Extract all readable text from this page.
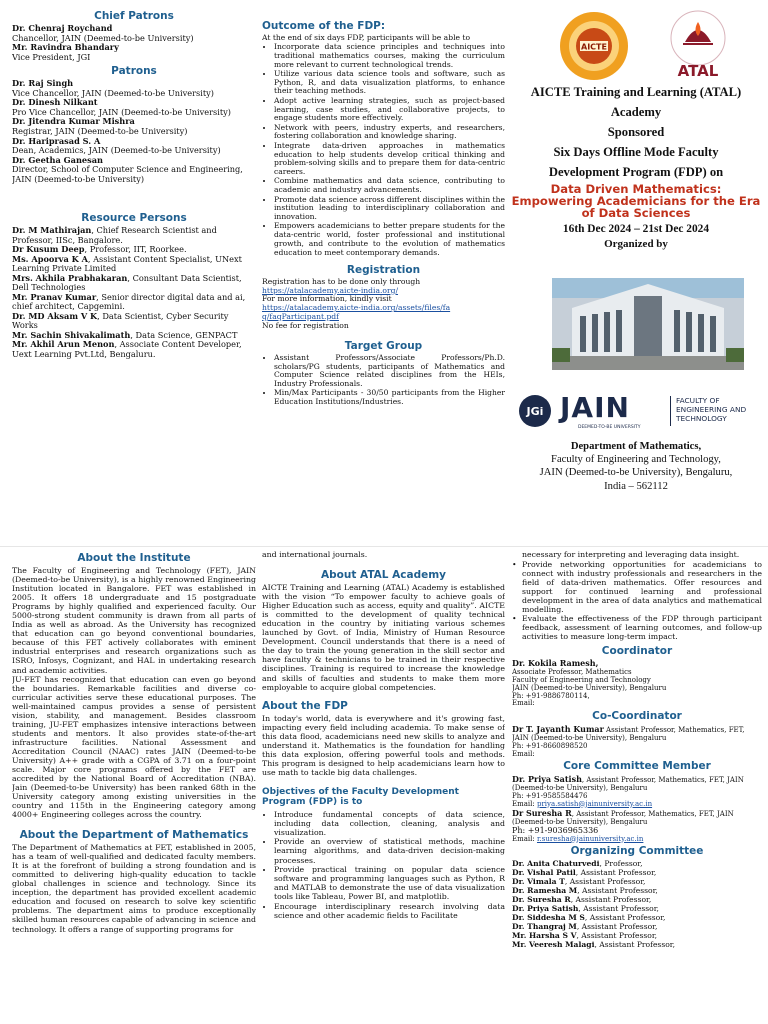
Chief Patrons
Dr. Chenraj Roychand
Chancellor, JAIN (Deemed-to-be University)
Mr. Ravindra Bhandary
Vice President, JGI
Patrons
Dr. Raj Singh
Vice Chancellor, JAIN (Deemed-to-be University)
Dr. Dinesh Nilkant
Pro Vice Chancellor, JAIN (Deemed-to-be University)
Dr. Jitendra Kumar Mishra
Registrar, JAIN (Deemed-to-be University)
Dr. Hariprasad S. A
Dean, Academics, JAIN (Deemed-to-be University)
Dr. Geetha Ganesan
Director, School of Computer Science and Engineering, JAIN (Deemed-to-be University)
Resource Persons
Dr. M Mathirajan, Chief Research Scientist and Professor, IISc, Bangalore.
Dr Kusum Deep, Professor, IIT, Roorkee.
Ms. Apoorva K A, Assistant Content Specialist, UNext Learning Private Limited
Mrs. Akhila Prabhakaran, Consultant Data Scientist, Dell Technologies
Mr. Pranav Kumar, Senior director digital data and ai, chief architect, Capgemini.
Dr. MD Aksam V K, Data Scientist, Cyber Security Works
Mr. Sachin Shivakalimath, Data Science, GENPACT
Mr. Akhil Arun Menon, Associate Content Developer, Uext Learning Pvt.Ltd, Bengaluru.
Outcome of the FDP:
At the end of six days FDP, participants will be able to
• Incorporate data science principles and techniques into traditional mathematics courses, making the curriculum more relevant to current technological trends.
• Utilize various data science tools and software, such as Python, R, and data visualization platforms, to enhance their teaching methods.
• Adopt active learning strategies, such as project-based learning, case studies, and collaborative projects, to engage students more effectively.
• Network with peers, industry experts, and researchers, fostering collaboration and knowledge sharing.
• Integrate data-driven approaches in mathematics education to help students develop critical thinking and problem-solving skills and to prepare them for data-centric careers.
• Combine mathematics and data science, contributing to academic and industry advancements.
• Promote data science across different disciplines within the institution leading to interdisciplinary collaboration and innovation.
• Empowers academicians to better prepare students for the data-centric world, foster professional and institutional growth, and contribute to the evolution of mathematics education to meet contemporary demands.
Registration

Registration has to be done only through

https://atalacademy.aicte-india.org/

For more information, kindly visit

https://atalacademy.aicte-india.org/assets/files/faq/faqParticipant.pdf

No fee for registration

Target Group
• Assistant Professors/Associate Professors/Ph.D. scholars/PG students, participants of Mathematics and Computer Science related disciplines from the HEIs, Industry Professionals.
• Min/Max Participants - 30/50 participants from the Higher Education Institutions/Industries.
AICTE
ATAL
AICTE Training and Learning (ATAL)
Academy
Sponsored
Six Days Offline Mode Faculty
Development Program (FDP) on
Data Driven Mathematics: Empowering Academicians for the Era of Data Sciences
16th Dec 2024 – 21st Dec 2024
Organized by
JGi JAIN
DEEMED-TO-BE UNIVERSITY
FACULTY OF ENGINEERING AND TECHNOLOGY
Department of Mathematics,
Faculty of Engineering and Technology,
JAIN (Deemed-to-be University), Bengaluru,
India – 562112
About the Institute

The Faculty of Engineering and Technology (FET), JAIN (Deemed-to-be University), is a highly renowned Engineering Institution located in Bangalore. FET was established in 2005. It offers 18 undergraduate and 15 postgraduate Programs by highly qualified and experienced faculty. Our 5000-strong student community is drawn from all parts of India as well as abroad. As the University has recognized that education can go beyond conventional boundaries, because of this FET actively collaborates with eminent industrial enterprises and research organizations such as ISRO, Infosys, Cognizant, and HAL in undertaking research and academic activities.

JU-FET has recognized that education can even go beyond the boundaries. Remarkable facilities and diverse co-curricular activities serve these educational purposes. The well-maintained campus provides a sense of persistent vision, stability, and management. Besides classroom training, JU-FET emphasizes intensive interactions between students and mentors. It also provides state-of-the-art infrastructure facilities. National Assessment and Accreditation Council (NAAC) rates JAIN (Deemed-to-be University) A++ grade with a CGPA of 3.71 on a four-point scale. Major core programs offered by the FET are accredited by the National Board of Accreditation (NBA). Jain (Deemed-to-be University) has been ranked 68th in the University category among existing universities in the country and 115th in the Engineering category among 4000+ Engineering colleges across the country.

About the Department of Mathematics

The Department of Mathematics at FET, established in 2005, has a team of well-qualified and dedicated faculty members. It is at the forefront of building a strong foundation and is committed to delivering high-quality education to tackle global challenges in science and technology. Since its inception, the department has provided excellent academic education and focused on research to solve key scientific problems. The department aims to produce exceptionally skilled human resources capable of advancing in science and technology. It offers a range of supporting programs for

and international journals.

About ATAL Academy

AICTE Training and Learning (ATAL) Academy is established with the vision “To empower faculty to achieve goals of Higher Education such as access, equity and quality”. AICTE is committed to the development of quality technical education in the country by initiating various schemes launched by Govt. of India, Ministry of Human Resource Development. Council understands that there is a need of the day to train the young generation in the skill sector and have faculty & technicians to be trained in their respective disciplines. Training is required to increase the knowledge and skills of faculties and students to make them more employable to acquire global competencies.

About the FDP

In today's world, data is everywhere and it's growing fast, impacting every field including academia. To make sense of this data flood, academicians need new skills to analyze and understand it. Mathematics is the foundation for handling this data explosion, offering powerful tools and methods. This program is designed to help academicians learn how to use math to tackle big data challenges.

Objectives of the Faculty Development Program (FDP) is to
• Introduce fundamental concepts of data science, including data collection, cleaning, analysis and visualization.
• Provide an overview of statistical methods, machine learning algorithms, and data-driven decision-making processes.
• Provide practical training on popular data science software and programming languages such as Python, R and MATLAB to demonstrate the use of data visualization tools like Tableau, Power BI, and matplotlib.
• Encourage interdisciplinary research involving data science and other academic fields to Facilitate
necessary for interpreting and leveraging data insight.
• Provide networking opportunities for academicians to connect with industry professionals and researchers in the field of data-driven mathematics. Offer resources and support for continued learning and professional development in the area of data analytics and mathematical modelling.
• Evaluate the effectiveness of the FDP through participant feedback, assessment of learning outcomes, and follow-up activities to measure long-term impact.
Coordinator
Dr. Kokila Ramesh,
Associate Professor, Mathematics
Faculty of Engineering and Technology
JAIN (Deemed-to-be University), Bengaluru
Ph: +91-9886780114,
Email:
Co-Coordinator
Dr T. Jayanth Kumar Assistant Professor, Mathematics, FET, JAIN (Deemed-to-be University), Bengaluru
Ph: +91-8660898520
Email:
Core Committee Member
Dr. Priya Satish, Assistant Professor, Mathematics, FET, JAIN (Deemed-to-be University), Bengaluru
Ph: +91-9585584476
Email: priya.satish@jainuniversity.ac.in
Dr Suresha R, Assistant Professor, Mathematics, FET, JAIN (Deemed-to-be University), Bengaluru
Ph: +91-9036965336
Email: r.suresha@jainuniversity.ac.in
Organizing Committee
Dr. Anita Chaturvedi, Professor,
Dr. Vishal Patil, Assistant Professor,
Dr. Vimala T, Assistant Professor,
Dr. Ramesha M, Assistant Professor,
Dr. Suresha R, Assistant Professor,
Dr. Priya Satish, Assistant Professor,
Dr. Siddesha M S, Assistant Professor,
Dr. Thangraj M, Assistant Professor,
Mr. Harsha S V, Assistant Professor,
Mr. Veeresh Malagi, Assistant Professor,
